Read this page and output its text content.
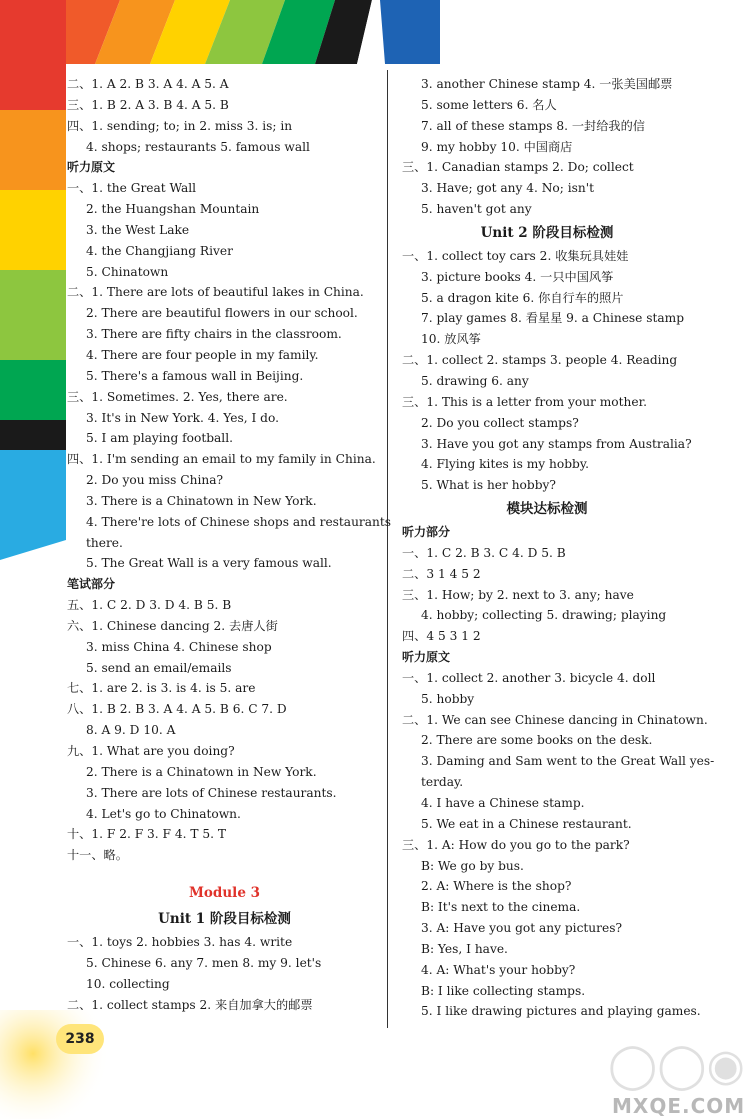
二、1. A 2. B 3. A 4. A 5. A
三、1. B 2. A 3. B 4. A 5. B
四、1. sending; to; in 2. miss 3. is; in
4. shops; restaurants 5. famous wall
听力原文
一、1. the Great Wall
2. the Huangshan Mountain
3. the West Lake
4. the Changjiang River
5. Chinatown
二、1. There are lots of beautiful lakes in China.
2. There are beautiful flowers in our school.
3. There are fifty chairs in the classroom.
4. There are four people in my family.
5. There's a famous wall in Beijing.
三、1. Sometimes. 2. Yes, there are.
3. It's in New York. 4. Yes, I do.
5. I am playing football.
四、1. I'm sending an email to my family in China.
2. Do you miss China?
3. There is a Chinatown in New York.
4. There're lots of Chinese shops and restaurants
there.
5. The Great Wall is a very famous wall.
笔试部分
五、1. C 2. D 3. D 4. B 5. B
六、1. Chinese dancing 2. 去唐人街
3. miss China 4. Chinese shop
5. send an email/emails
七、1. are 2. is 3. is 4. is 5. are
八、1. B 2. B 3. A 4. A 5. B 6. C 7. D
8. A 9. D 10. A
九、1. What are you doing?
2. There is a Chinatown in New York.
3. There are lots of Chinese restaurants.
4. Let's go to Chinatown.
十、1. F 2. F 3. F 4. T 5. T
十一、略。
Module 3
Unit 1 阶段目标检测
一、1. toys 2. hobbies 3. has 4. write
5. Chinese 6. any 7. men 8. my 9. let's
10. collecting
二、1. collect stamps 2. 来自加拿大的邮票
3. another Chinese stamp 4. 一张美国邮票
5. some letters 6. 名人
7. all of these stamps 8. 一封给我的信
9. my hobby 10. 中国商店
三、1. Canadian stamps 2. Do; collect
3. Have; got any 4. No; isn't
5. haven't got any
Unit 2 阶段目标检测
一、1. collect toy cars 2. 收集玩具娃娃
3. picture books 4. 一只中国风筝
5. a dragon kite 6. 你自行车的照片
7. play games 8. 看星星 9. a Chinese stamp
10. 放风筝
二、1. collect 2. stamps 3. people 4. Reading
5. drawing 6. any
三、1. This is a letter from your mother.
2. Do you collect stamps?
3. Have you got any stamps from Australia?
4. Flying kites is my hobby.
5. What is her hobby?
模块达标检测
听力部分
一、1. C 2. B 3. C 4. D 5. B
二、3 1 4 5 2
三、1. How; by 2. next to 3. any; have
4. hobby; collecting 5. drawing; playing
四、4 5 3 1 2
听力原文
一、1. collect 2. another 3. bicycle 4. doll
5. hobby
二、1. We can see Chinese dancing in Chinatown.
2. There are some books on the desk.
3. Daming and Sam went to the Great Wall yes-
terday.
4. I have a Chinese stamp.
5. We eat in a Chinese restaurant.
三、1. A: How do you go to the park?
B: We go by bus.
2. A: Where is the shop?
B: It's next to the cinema.
3. A: Have you got any pictures?
B: Yes, I have.
4. A: What's your hobby?
B: I like collecting stamps.
5. I like drawing pictures and playing games.
238
◯◯◉
MXQE.COM
